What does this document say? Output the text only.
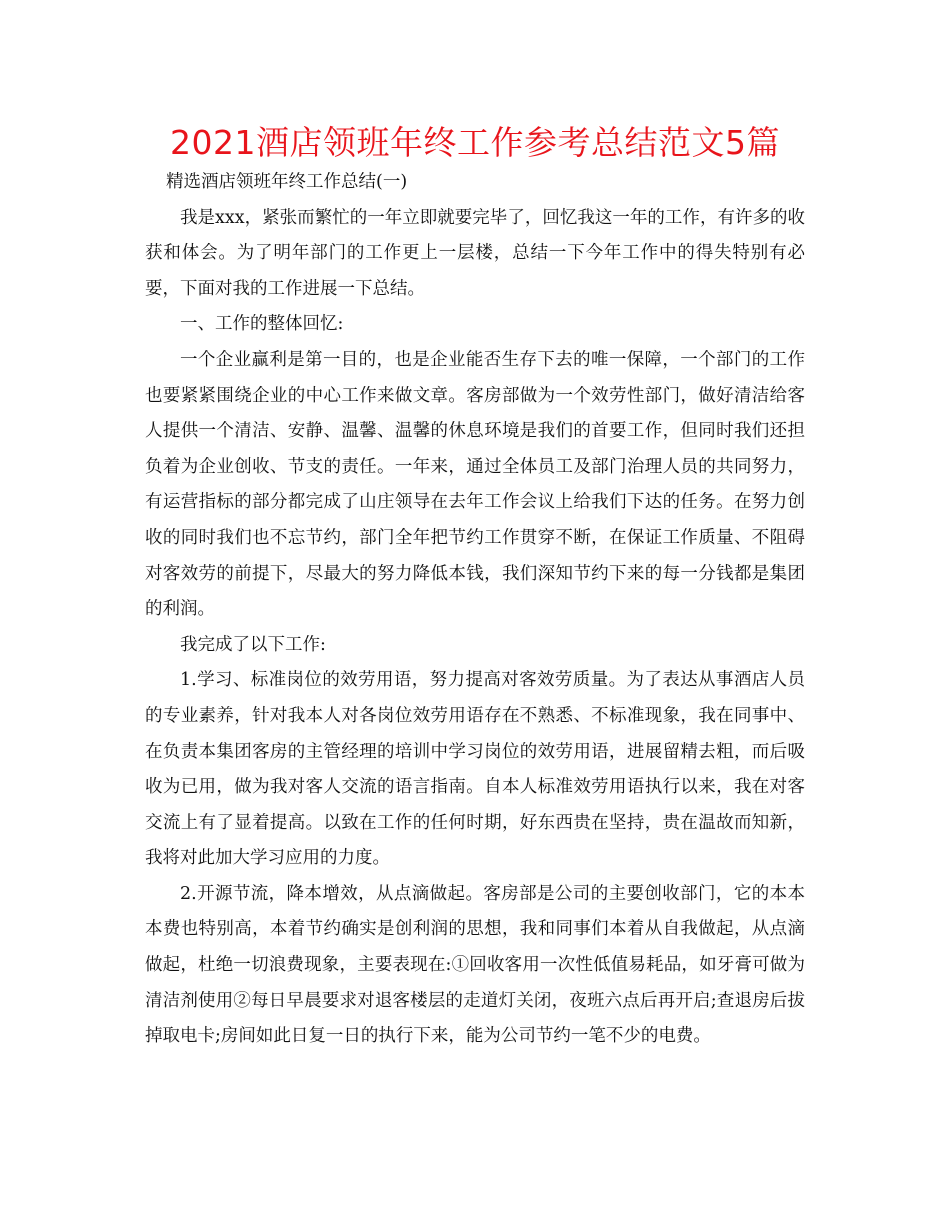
2021酒店领班年终工作参考总结范文5篇

精选酒店领班年终工作总结(一)

我是xxx，紧张而繁忙的一年立即就要完毕了，回忆我这一年的工作，有许多的收获和体会。为了明年部门的工作更上一层楼，总结一下今年工作中的得失特别有必要，下面对我的工作进展一下总结。

一、工作的整体回忆:

一个企业赢利是第一目的，也是企业能否生存下去的唯一保障，一个部门的工作也要紧紧围绕企业的中心工作来做文章。客房部做为一个效劳性部门，做好清洁给客人提供一个清洁、安静、温馨、温馨的休息环境是我们的首要工作，但同时我们还担负着为企业创收、节支的责任。一年来，通过全体员工及部门治理人员的共同努力，有运营指标的部分都完成了山庄领导在去年工作会议上给我们下达的任务。在努力创收的同时我们也不忘节约，部门全年把节约工作贯穿不断，在保证工作质量、不阻碍对客效劳的前提下，尽最大的努力降低本钱，我们深知节约下来的每一分钱都是集团的利润。

我完成了以下工作:

1.学习、标准岗位的效劳用语，努力提高对客效劳质量。为了表达从事酒店人员的专业素养，针对我本人对各岗位效劳用语存在不熟悉、不标准现象，我在同事中、在负责本集团客房的主管经理的培训中学习岗位的效劳用语，进展留精去粗，而后吸收为已用，做为我对客人交流的语言指南。自本人标准效劳用语执行以来，我在对客交流上有了显着提高。以致在工作的任何时期，好东西贵在坚持，贵在温故而知新，我将对此加大学习应用的力度。

2.开源节流，降本增效，从点滴做起。客房部是公司的主要创收部门，它的本本本费也特别高，本着节约确实是创利润的思想，我和同事们本着从自我做起，从点滴做起，杜绝一切浪费现象，主要表现在:①回收客用一次性低值易耗品，如牙膏可做为清洁剂使用②每日早晨要求对退客楼层的走道灯关闭，夜班六点后再开启;查退房后拔掉取电卡;房间如此日复一日的执行下来，能为公司节约一笔不少的电费。
